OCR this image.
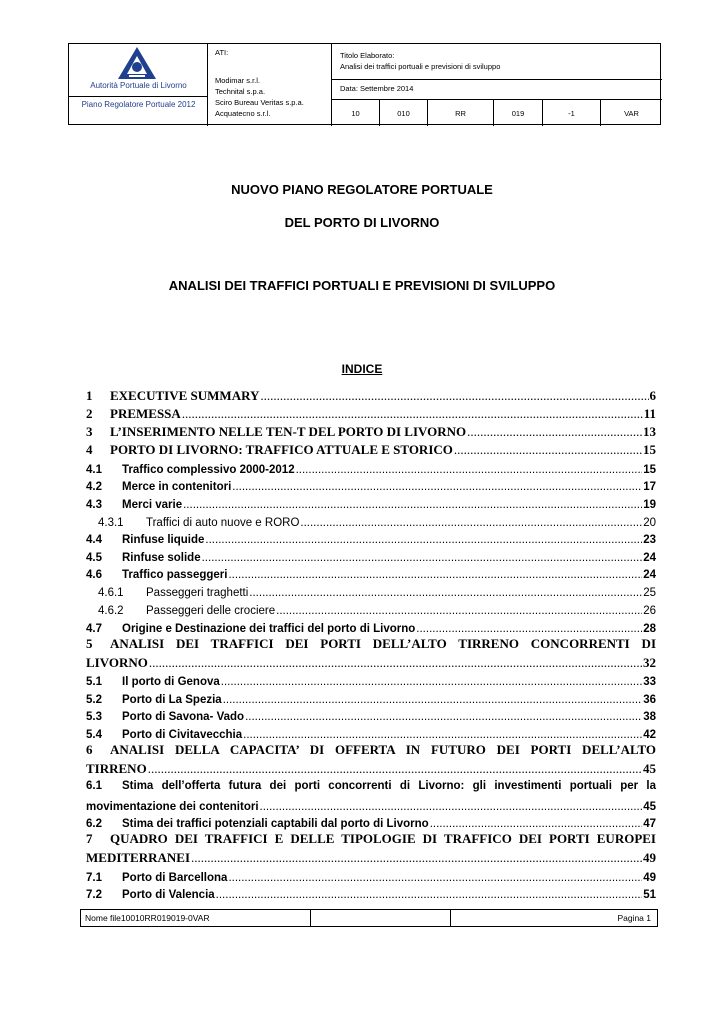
Autorità Portuale di Livorno
Piano Regolatore Portuale 2012
ATI:
Modimar s.r.l.
Technital s.p.a.
Sciro Bureau Veritas s.p.a.
Acquatecno s.r.l.
Titolo Elaborato:
Analisi dei traffici portuali e previsioni di sviluppo
Data: Settembre 2014
10	010	RR	019	-1	VAR
NUOVO PIANO REGOLATORE PORTUALE
DEL PORTO DI LIVORNO
ANALISI DEI TRAFFICI PORTUALI E PREVISIONI DI SVILUPPO
INDICE
1	EXECUTIVE SUMMARY .....	6
2	PREMESSA .....	11
3	L’INSERIMENTO NELLE TEN-T DEL PORTO DI LIVORNO .....	13
4	PORTO DI LIVORNO: TRAFFICO ATTUALE E STORICO .....	15
4.1	Traffico complessivo 2000-2012 .....	15
4.2	Merce in contenitori .....	17
4.3	Merci varie .....	19
4.3.1	Traffici di auto nuove e RORO .....	20
4.4	Rinfuse liquide .....	23
4.5	Rinfuse solide .....	24
4.6	Traffico passeggeri .....	24
4.6.1	Passeggeri traghetti .....	25
4.6.2	Passeggeri delle crociere .....	26
4.7	Origine e Destinazione dei traffici del porto di Livorno .....	28
5 ANALISI DEI TRAFFICI DEI PORTI DELL’ALTO TIRRENO CONCORRENTI DI
LIVORNO .....	32
5.1	Il porto di Genova .....	33
5.2	Porto di La Spezia .....	36
5.3	Porto di Savona- Vado .....	38
5.4	Porto di Civitavecchia .....	42
6 ANALISI DELLA CAPACITA’ DI OFFERTA IN FUTURO DEI PORTI DELL’ALTO
TIRRENO .....	45
6.1 Stima dell’offerta futura dei porti concorrenti di Livorno: gli investimenti portuali per la
movimentazione dei contenitori .....	45
6.2	Stima dei traffici potenziali captabili dal porto di Livorno .....	47
7 QUADRO DEI TRAFFICI E DELLE TIPOLOGIE DI TRAFFICO DEI PORTI EUROPEI
MEDITERRANEI .....	49
7.1	Porto di Barcellona .....	49
7.2	Porto di Valencia .....	51
Nome file10010RR019019-0VAR	Pagina 1
